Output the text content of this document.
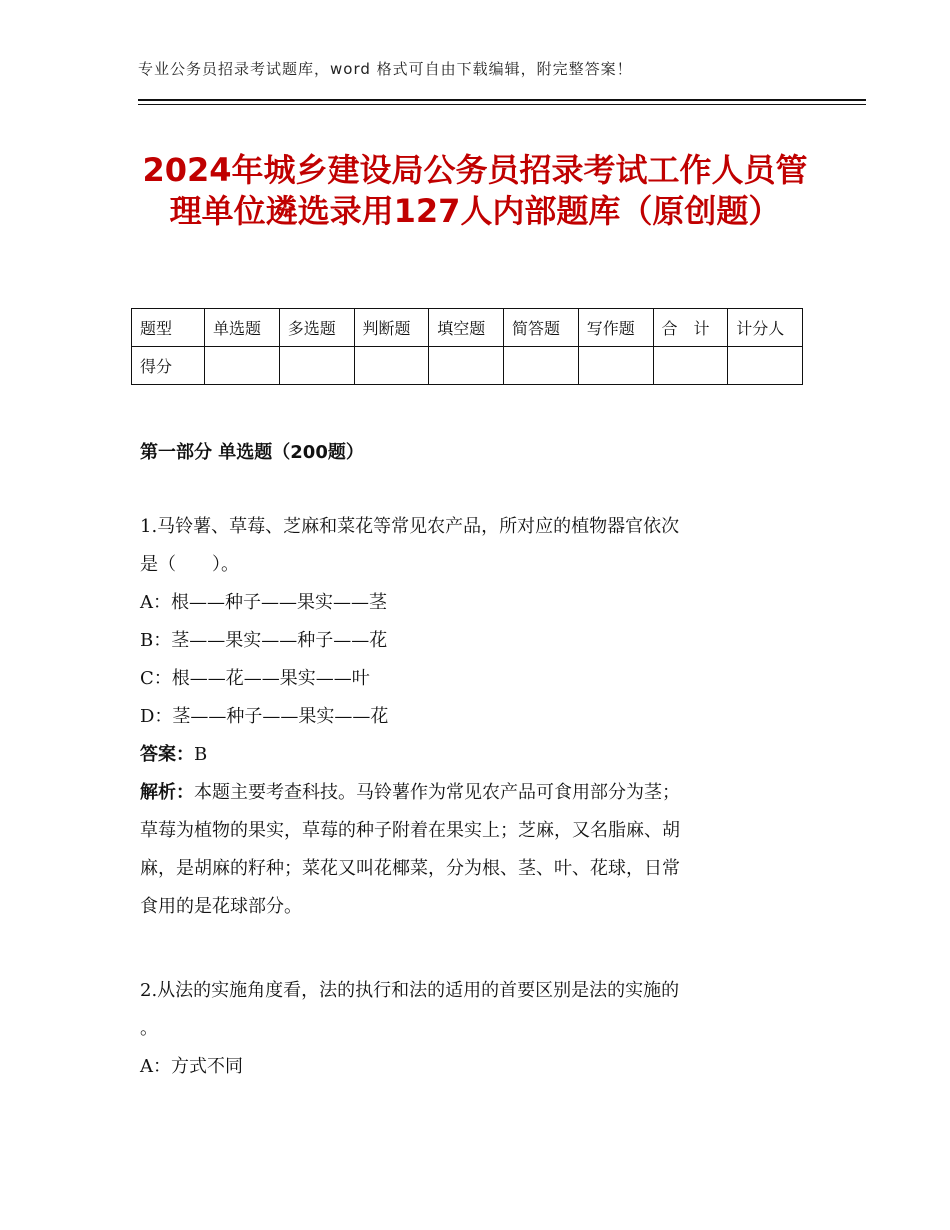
专业公务员招录考试题库，word 格式可自由下载编辑，附完整答案！
2024年城乡建设局公务员招录考试工作人员管理单位遴选录用127人内部题库（原创题）
题型	单选题	多选题	判断题	填空题	简答题	写作题	合　计	计分人
得分								
第一部分 单选题（200题）

1.马铃薯、草莓、芝麻和菜花等常见农产品，所对应的植物器官依次

是（　　）。

A：根——种子——果实——茎

B：茎——果实——种子——花

C：根——花——果实——叶

D：茎——种子——果实——花

答案：B

解析：本题主要考查科技。马铃薯作为常见农产品可食用部分为茎；

草莓为植物的果实，草莓的种子附着在果实上；芝麻，又名脂麻、胡

麻，是胡麻的籽种；菜花又叫花椰菜，分为根、茎、叶、花球，日常

食用的是花球部分。

2.从法的实施角度看，法的执行和法的适用的首要区别是法的实施的

。

A：方式不同
